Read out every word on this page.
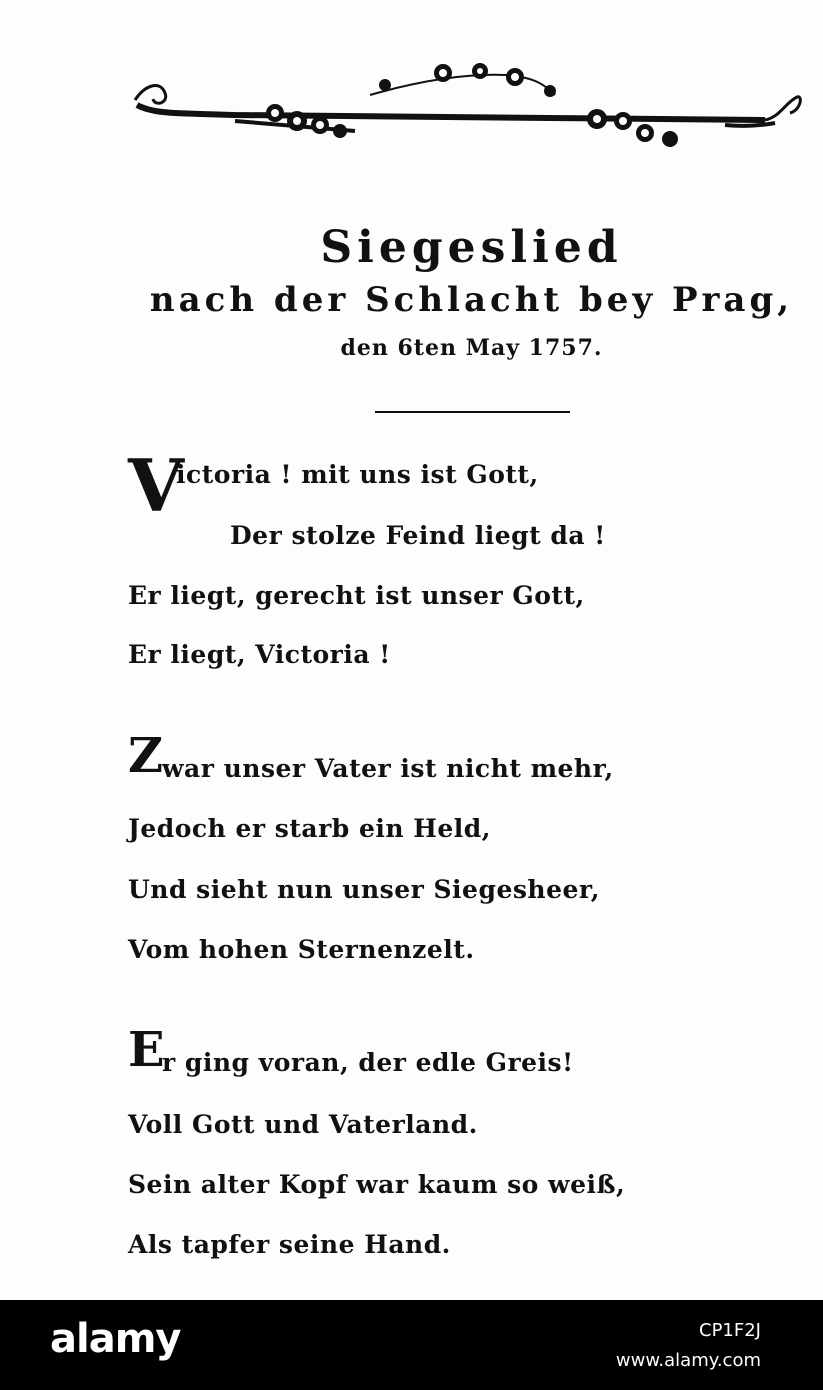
Siegeslied
nach der Schlacht bey Prag,
den 6ten May 1757.
V
ictoria ! mit uns ist Gott,
Der stolze Feind liegt da !
Er liegt, gerecht ist unser Gott,
Er liegt, Victoria !
Z
war unser Vater ist nicht mehr,
Jedoch er starb ein Held,
Und sieht nun unser Siegesheer,
Vom hohen Sternenzelt.
E
r ging voran, der edle Greis!
Voll Gott und Vaterland.
Sein alter Kopf war kaum so weiß,
Als tapfer seine Hand.
alamy	CP1F2J
www.alamy.com
